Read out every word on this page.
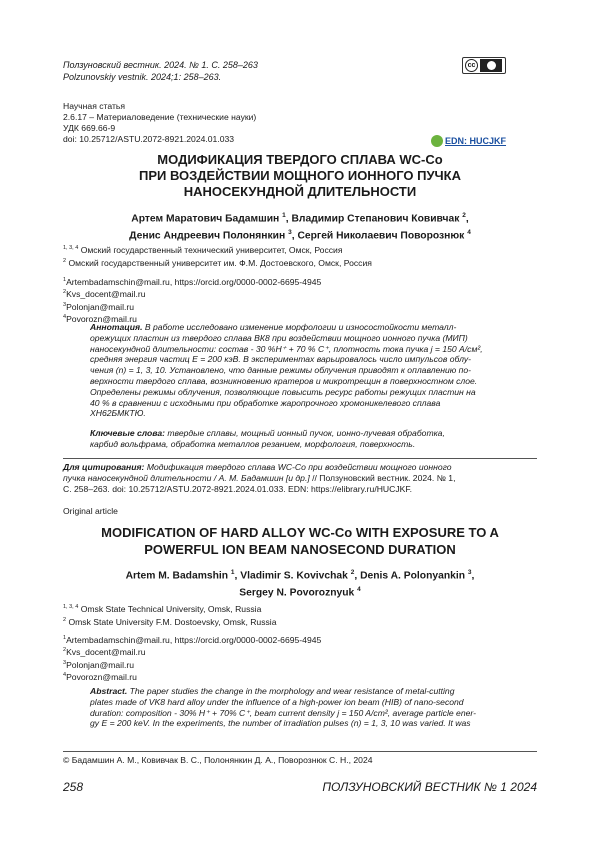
Ползуновский вестник. 2024. № 1. С. 258–263
Polzunovskiy vestnik. 2024;1: 258–263.
cc
Научная статья
2.6.17 – Материаловедение (технические науки)
УДК 669.66-9
doi: 10.25712/ASTU.2072-8921.2024.01.033	EDN: HUCJKF
МОДИФИКАЦИЯ ТВЕРДОГО СПЛАВА WC-Co
ПРИ ВОЗДЕЙСТВИИ МОЩНОГО ИОННОГО ПУЧКА
НАНОСЕКУНДНОЙ ДЛИТЕЛЬНОСТИ
Артем Маратович Бадамшин $^1$, Владимир Степанович Ковивчак $^2$,
Денис Андреевич Полонянкин $^3$, Сергей Николаевич Поворознюк $^4$
$^{1, 3, 4}$ Омский государственный технический университет, Омск, Россия
$^2$ Омский государственный университет им. Ф.М. Достоевского, Омск, Россия
$^1$Artembadamschin@mail.ru, https://orcid.org/0000-0002-6695-4945
$^2$Kvs_docent@mail.ru
$^3$Polonjan@mail.ru
$^4$Povorozn@mail.ru
Аннотация. В работе исследовано изменение морфологии и износостойкости металл-
орежущих пластин из твердого сплава ВК8 при воздействии мощного ионного пучка (МИП)
наносекундной длительности: состав - 30 %H⁺ + 70 % C⁺, плотность тока пучка j = 150 А/см²,
средняя энергия частиц E = 200 кэВ. В экспериментах варьировалось число импульсов облу-
чения (n) = 1, 3, 10. Установлено, что данные режимы облучения приводят к оплавлению по-
верхности твердого сплава, возникновению кратеров и микротрещин в поверхностном слое.
Определены режимы облучения, позволяющие повысить ресурс работы режущих пластин на
40 % в сравнении с исходными при обработке жаропрочного хромоникелевого сплава
ХН62БМКТЮ.
Ключевые слова: твердые сплавы, мощный ионный пучок, ионно-лучевая обработка,
карбид вольфрама, обработка металлов резанием, морфология, поверхность.
Для цитирования: Модификация твердого сплава WC-Co при воздействии мощного ионного
пучка наносекундной длительности / А. М. Бадамшин [и др.] // Ползуновский вестник. 2024. № 1,
С. 258–263. doi: 10.25712/ASTU.2072-8921.2024.01.033. EDN: https://elibrary.ru/HUCJKF.
Original article
MODIFICATION OF HARD ALLOY WC-Co WITH EXPOSURE TO A
POWERFUL ION BEAM NANOSECOND DURATION
Artem M. Badamshin $^1$, Vladimir S. Kovivchak $^2$, Denis A. Polonyankin $^3$,
Sergey N. Povoroznyuk $^4$
$^{1, 3, 4}$ Omsk State Technical University, Omsk, Russia
$^2$ Omsk State University F.M. Dostoevsky, Omsk, Russia
$^1$Artembadamschin@mail.ru, https://orcid.org/0000-0002-6695-4945
$^2$Kvs_docent@mail.ru
$^3$Polonjan@mail.ru
$^4$Povorozn@mail.ru
Abstract. The paper studies the change in the morphology and wear resistance of metal-cutting
plates made of VK8 hard alloy under the influence of a high-power ion beam (HIB) of nano-second
duration: composition - 30% H⁺ + 70% C⁺, beam current density j = 150 A/cm², average particle ener-
gy E = 200 keV. In the experiments, the number of irradiation pulses (n) = 1, 3, 10 was varied. It was
© Бадамшин А. М., Ковивчак В. С., Полонянкин Д. А., Поворознюк С. Н., 2024
258	ПОЛЗУНОВСКИЙ ВЕСТНИК № 1 2024
